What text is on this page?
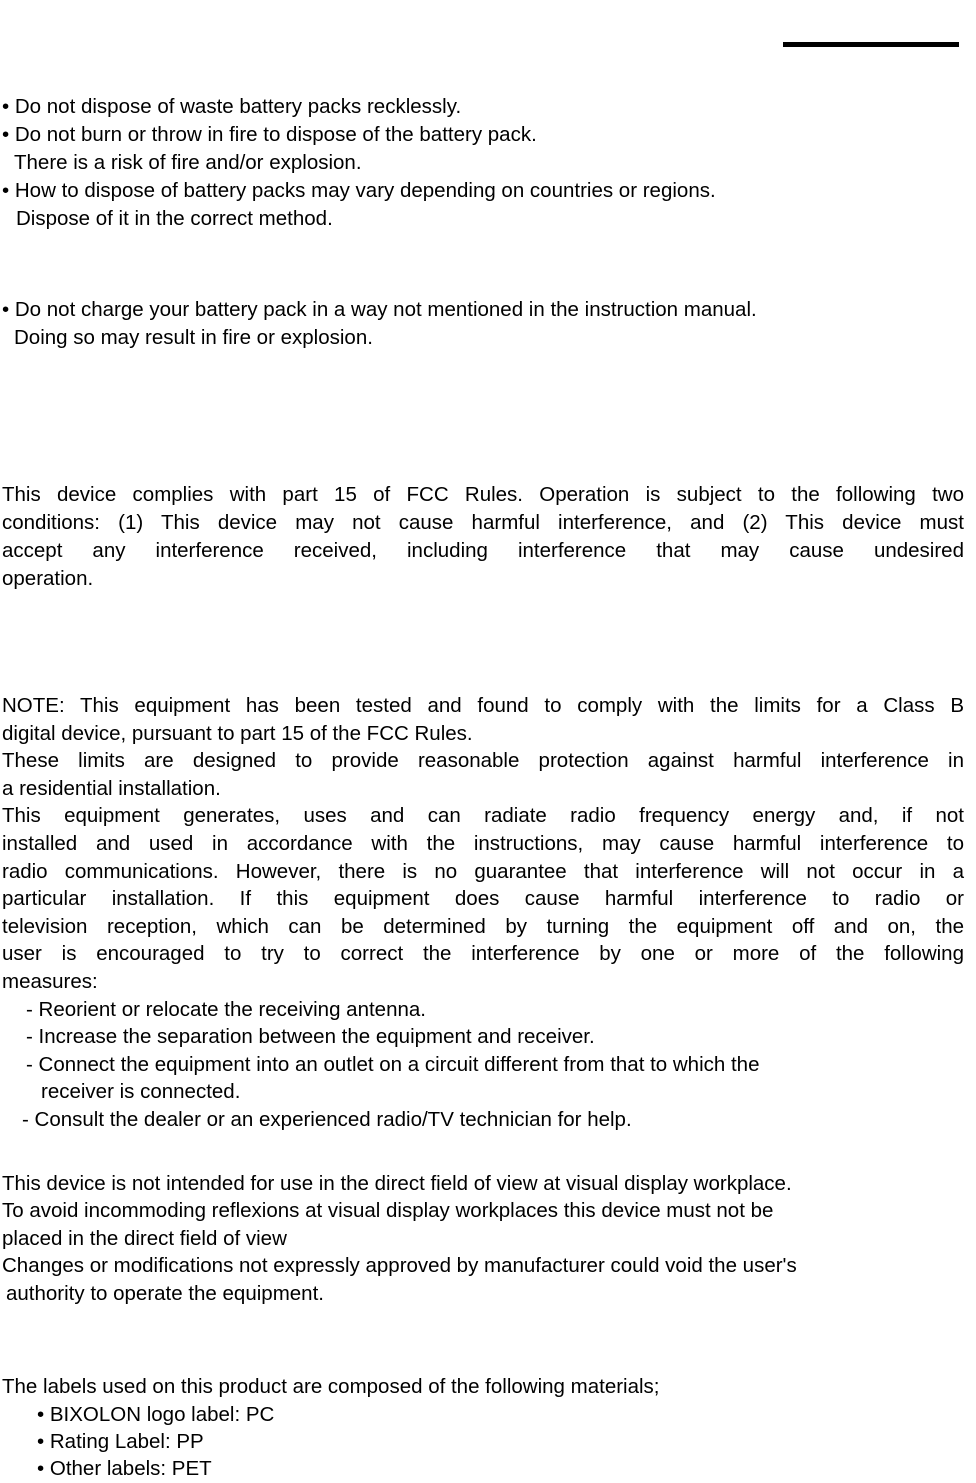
• Do not dispose of waste battery packs recklessly.
• Do not burn or throw in fire to dispose of the battery pack.
There is a risk of fire and/or explosion.
• How to dispose of battery packs may vary depending on countries or regions.
Dispose of it in the correct method.
• Do not charge your battery pack in a way not mentioned in the instruction manual.
Doing so may result in fire or explosion.
This device complies with part 15 of FCC Rules. Operation is subject to the following two
conditions: (1) This device may not cause harmful interference, and (2) This device must
accept any interference received, including interference that may cause undesired
operation.
NOTE: This equipment has been tested and found to comply with the limits for a Class B
digital device, pursuant to part 15 of the FCC Rules.
These limits are designed to provide reasonable protection against harmful interference in
a residential installation.
This equipment generates, uses and can radiate radio frequency energy and, if not
installed and used in accordance with the instructions, may cause harmful interference to
radio communications. However, there is no guarantee that interference will not occur in a
particular installation. If this equipment does cause harmful interference to radio or
television reception, which can be determined by turning the equipment off and on, the
user is encouraged to try to correct the interference by one or more of the following
measures:
- Reorient or relocate the receiving antenna.
- Increase the separation between the equipment and receiver.
- Connect the equipment into an outlet on a circuit different from that to which the
receiver is connected.
- Consult the dealer or an experienced radio/TV technician for help.
This device is not intended for use in the direct field of view at visual display workplace.
To avoid incommoding reflexions at visual display workplaces this device must not be
placed in the direct field of view
Changes or modifications not expressly approved by manufacturer could void the user's
authority to operate the equipment.
The labels used on this product are composed of the following materials;
• BIXOLON logo label: PC
• Rating Label: PP
• Other labels: PET
